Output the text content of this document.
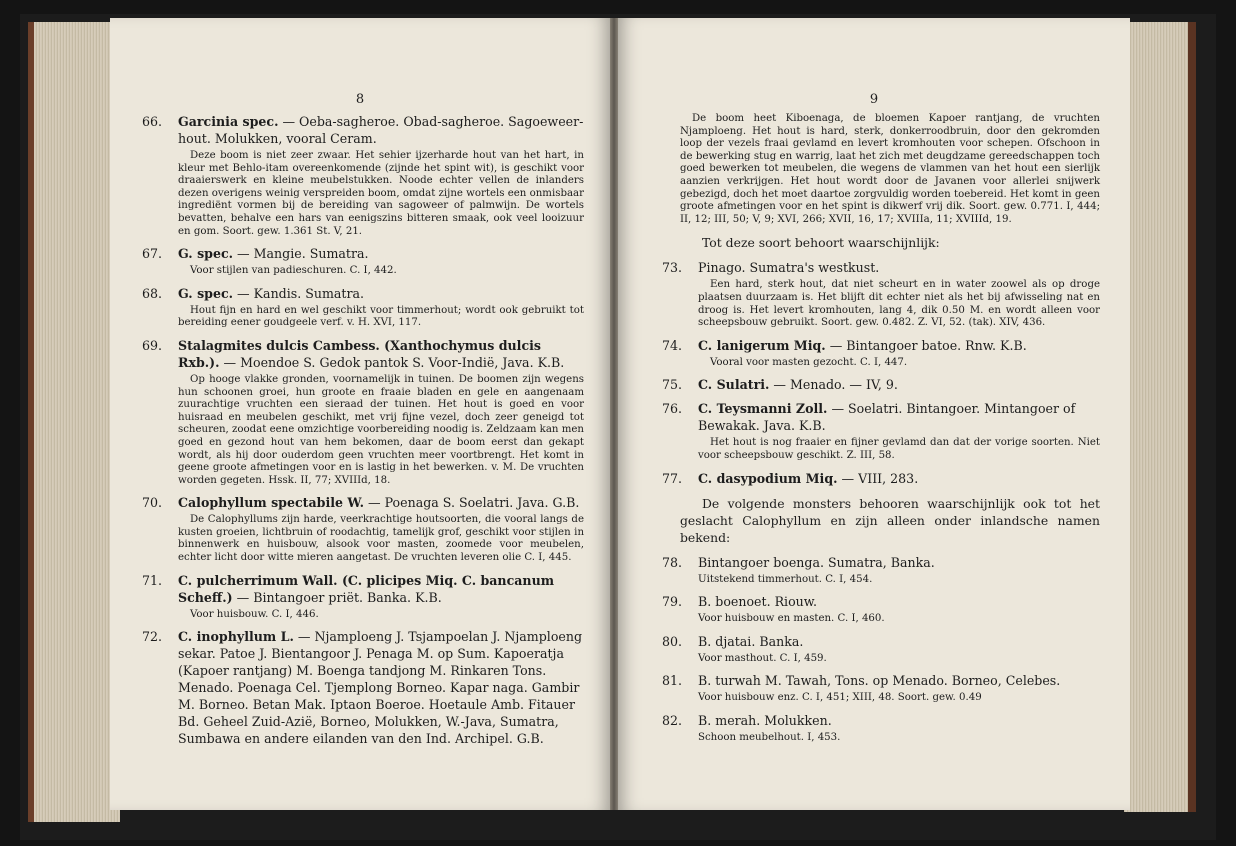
8
66. Garcinia spec. — Oeba-sagheroe. Obad-sagheroe. Sagoeweer-hout. Molukken, vooral Ceram.
Deze boom is niet zeer zwaar. Het sehier ijzerharde hout van het hart, in kleur met Behlo-itam overeenkomende (zijnde het spint wit), is geschikt voor draaierswerk en kleine meubelstukken. Noode echter vellen de inlanders dezen overigens weinig verspreiden boom, omdat zijne wortels een onmisbaar ingrediënt vormen bij de bereiding van sagoweer of palmwijn. De wortels bevatten, behalve een hars van eenigszins bitteren smaak, ook veel looizuur en gom. Soort. gew. 1.361 St. V, 21.
67. G. spec. — Mangie. Sumatra.
Voor stijlen van padieschuren. C. I, 442.
68. G. spec. — Kandis. Sumatra.
Hout fijn en hard en wel geschikt voor timmerhout; wordt ook gebruikt tot bereiding eener goudgeele verf. v. H. XVI, 117.
69. Stalagmites dulcis Cambess. (Xanthochymus dulcis Rxb.). — Moendoe S. Gedok pantok S. Voor-Indië, Java. K.B.
Op hooge vlakke gronden, voornamelijk in tuinen. De boomen zijn wegens hun schoonen groei, hun groote en fraaie bladen en gele en aangenaam zuurachtige vruchten een sieraad der tuinen. Het hout is goed en voor huisraad en meubelen geschikt, met vrij fijne vezel, doch zeer geneigd tot scheuren, zoodat eene omzichtige voorbereiding noodig is. Zeldzaam kan men goed en gezond hout van hem bekomen, daar de boom eerst dan gekapt wordt, als hij door ouderdom geen vruchten meer voortbrengt. Het komt in geene groote afmetingen voor en is lastig in het bewerken. v. M. De vruchten worden gegeten. Hssk. II, 77; XVIIId, 18.
70. Calophyllum spectabile W. — Poenaga S. Soelatri. Java. G.B.
De Calophyllums zijn harde, veerkrachtige houtsoorten, die vooral langs de kusten groeien, lichtbruin of roodachtig, tamelijk grof, geschikt voor stijlen in binnenwerk en huisbouw, alsook voor masten, zoomede voor meubelen, echter licht door witte mieren aangetast. De vruchten leveren olie C. I, 445.
71. C. pulcherrimum Wall. (C. plicipes Miq. C. bancanum Scheff.) — Bintangoer priët. Banka. K.B.
Voor huisbouw. C. I, 446.
72. C. inophyllum L. — Njamploeng J. Tsjampoelan J. Njamploeng sekar. Patoe J. Bientangoor J. Penaga M. op Sum. Kapoeratja (Kapoer rantjang) M. Boenga tandjong M. Rinkaren Tons. Menado. Poenaga Cel. Tjemplong Borneo. Kapar naga. Gambir M. Borneo. Betan Mak. Iptaon Boeroe. Hoetaule Amb. Fitauer Bd. Geheel Zuid-Azië, Borneo, Molukken, W.-Java, Sumatra, Sumbawa en andere eilanden van den Ind. Archipel. G.B.
9
De boom heet Kiboenaga, de bloemen Kapoer rantjang, de vruchten Njamploeng. Het hout is hard, sterk, donkerroodbruin, door den gekromden loop der vezels fraai gevlamd en levert kromhouten voor schepen. Ofschoon in de bewerking stug en warrig, laat het zich met deugdzame gereedschappen toch goed bewerken tot meubelen, die wegens de vlammen van het hout een sierlijk aanzien verkrijgen. Het hout wordt door de Javanen voor allerlei snijwerk gebezigd, doch het moet daartoe zorgvuldig worden toebereid. Het komt in geen groote afmetingen voor en het spint is dikwerf vrij dik. Soort. gew. 0.771. I, 444; II, 12; III, 50; V, 9; XVI, 266; XVII, 16, 17; XVIIIa, 11; XVIIId, 19.
Tot deze soort behoort waarschijnlijk:
73. Pinago. Sumatra's westkust.
Een hard, sterk hout, dat niet scheurt en in water zoowel als op droge plaatsen duurzaam is. Het blijft dit echter niet als het bij afwisseling nat en droog is. Het levert kromhouten, lang 4, dik 0.50 M. en wordt alleen voor scheepsbouw gebruikt. Soort. gew. 0.482. Z. VI, 52. (tak). XIV, 436.
74. C. lanigerum Miq. — Bintangoer batoe. Rnw. K.B.
Vooral voor masten gezocht. C. I, 447.
75. C. Sulatri. — Menado. — IV, 9.
76. C. Teysmanni Zoll. — Soelatri. Bintangoer. Mintangoer of Bewakak. Java. K.B.
Het hout is nog fraaier en fijner gevlamd dan dat der vorige soorten. Niet voor scheepsbouw geschikt. Z. III, 58.
77. C. dasypodium Miq. — VIII, 283.
De volgende monsters behooren waarschijnlijk ook tot het geslacht Calophyllum en zijn alleen onder inlandsche namen bekend:
78. Bintangoer boenga. Sumatra, Banka.
Uitstekend timmerhout. C. I, 454.
79. B. boenoet. Riouw.
Voor huisbouw en masten. C. I, 460.
80. B. djatai. Banka.
Voor masthout. C. I, 459.
81. B. turwah M. Tawah, Tons. op Menado. Borneo, Celebes.
Voor huisbouw enz. C. I, 451; XIII, 48. Soort. gew. 0.49
82. B. merah. Molukken.
Schoon meubelhout. I, 453.
